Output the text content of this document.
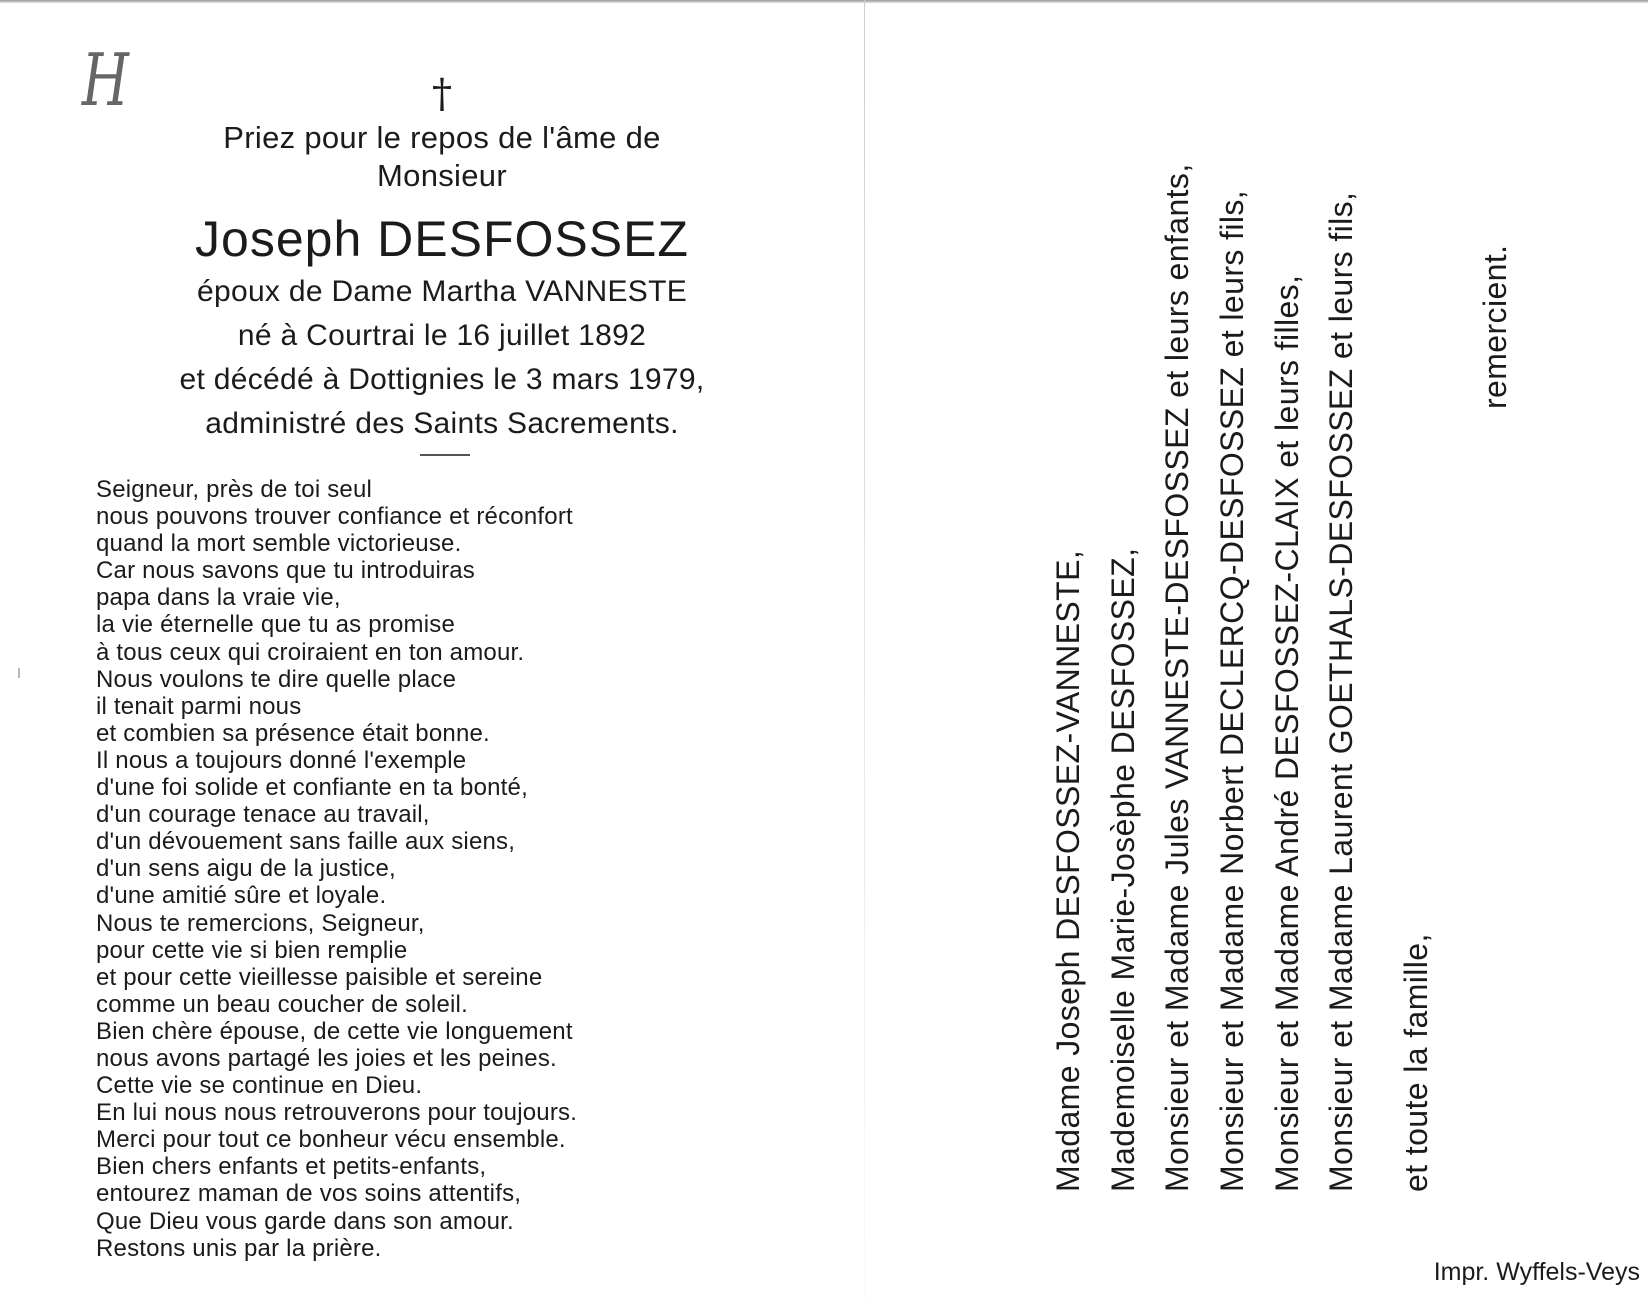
H	†
Priez pour le repos de l'âme de
Monsieur
Joseph DESFOSSEZ
époux de Dame Martha VANNESTE
né à Courtrai le 16 juillet 1892
et décédé à Dottignies le 3 mars 1979,
administré des Saints Sacrements.
Seigneur, près de toi seul
nous pouvons trouver confiance et réconfort
quand la mort semble victorieuse.
Car nous savons que tu introduiras
papa dans la vraie vie,
la vie éternelle que tu as promise
à tous ceux qui croiraient en ton amour.
Nous voulons te dire quelle place
il tenait parmi nous
et combien sa présence était bonne.
Il nous a toujours donné l'exemple
d'une foi solide et confiante en ta bonté,
d'un courage tenace au travail,
d'un dévouement sans faille aux siens,
d'un sens aigu de la justice,
d'une amitié sûre et loyale.
Nous te remercions, Seigneur,
pour cette vie si bien remplie
et pour cette vieillesse paisible et sereine
comme un beau coucher de soleil.
Bien chère épouse, de cette vie longuement
nous avons partagé les joies et les peines.
Cette vie se continue en Dieu.
En lui nous nous retrouverons pour toujours.
Merci pour tout ce bonheur vécu ensemble.
Bien chers enfants et petits-enfants,
entourez maman de vos soins attentifs,
Que Dieu vous garde dans son amour.
Restons unis par la prière.
Madame Joseph DESFOSSEZ-VANNESTE, Mademoiselle Marie-Josèphe DESFOSSEZ, Monsieur et Madame Jules VANNESTE-DESFOSSEZ et leurs enfants, Monsieur et Madame Norbert DECLERCQ-DESFOSSEZ et leurs fils, Monsieur et Madame André DESFOSSEZ-CLAIX et leurs filles, Monsieur et Madame Laurent GOETHALS-DESFOSSEZ et leurs fils, et toute la famille,
remercient.
Impr. Wyffels-Veys
